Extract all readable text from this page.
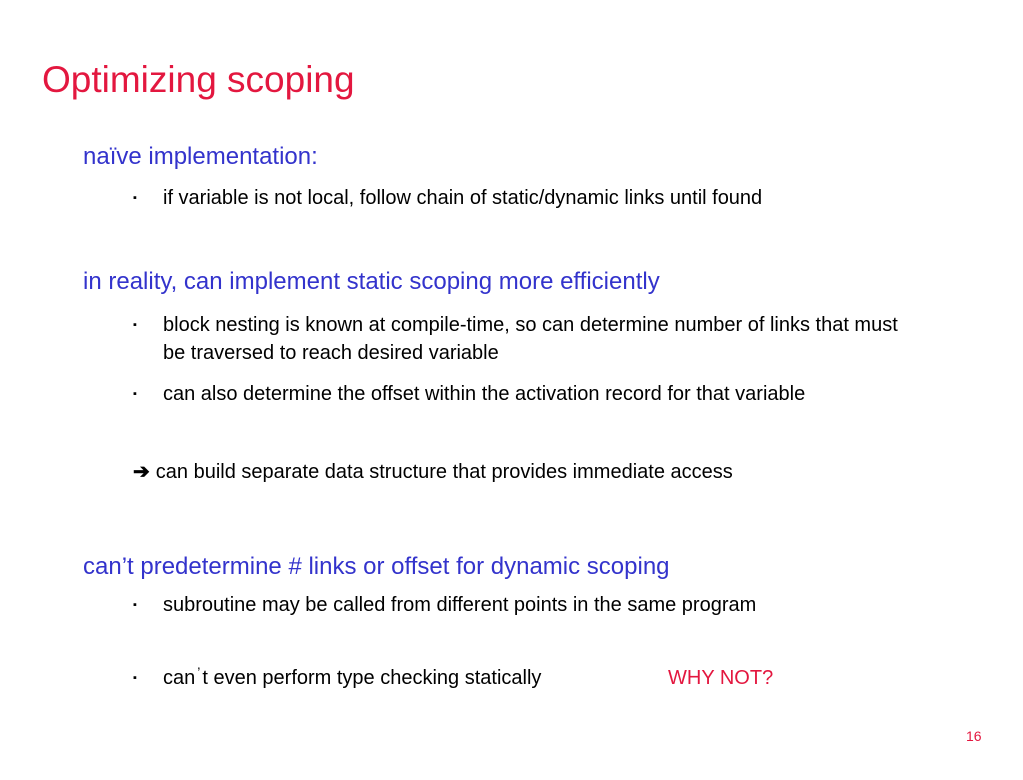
Optimizing scoping
naïve implementation:
▪	if variable is not local, follow chain of static/dynamic links until found
in reality, can implement static scoping more efficiently
▪	block nesting is known at compile-time, so can determine number of links that must
be traversed to reach desired variable
▪	can also determine the offset within the activation record for that variable
➔ can build separate data structure that provides immediate access
can’t predetermine # links or offset for dynamic scoping
▪	subroutine may be called from different points in the same program
▪	can ’ t even perform type checking statically	WHY NOT?
16
